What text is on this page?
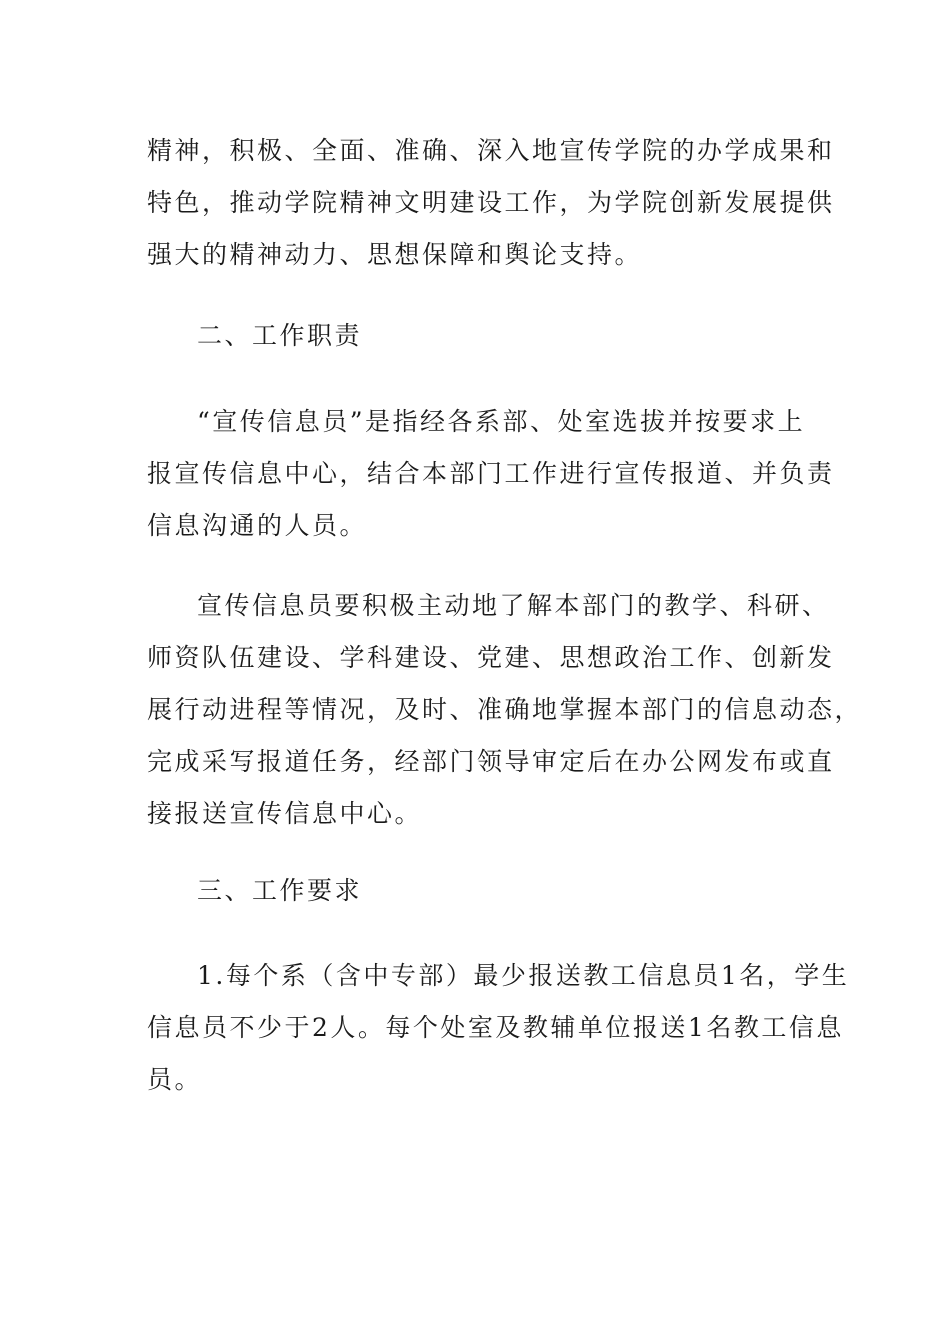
精神，积极、全面、准确、深入地宣传学院的办学成果和
特色，推动学院精神文明建设工作，为学院创新发展提供
强大的精神动力、思想保障和舆论支持。

二、工作职责

“宣传信息员”是指经各系部、处室选拔并按要求上
报宣传信息中心，结合本部门工作进行宣传报道、并负责
信息沟通的人员。

宣传信息员要积极主动地了解本部门的教学、科研、
师资队伍建设、学科建设、党建、思想政治工作、创新发
展行动进程等情况，及时、准确地掌握本部门的信息动态，
完成采写报道任务，经部门领导审定后在办公网发布或直
接报送宣传信息中心。

三、工作要求

1.每个系（含中专部）最少报送教工信息员1名，学生
信息员不少于2人。每个处室及教辅单位报送1名教工信息
员。
